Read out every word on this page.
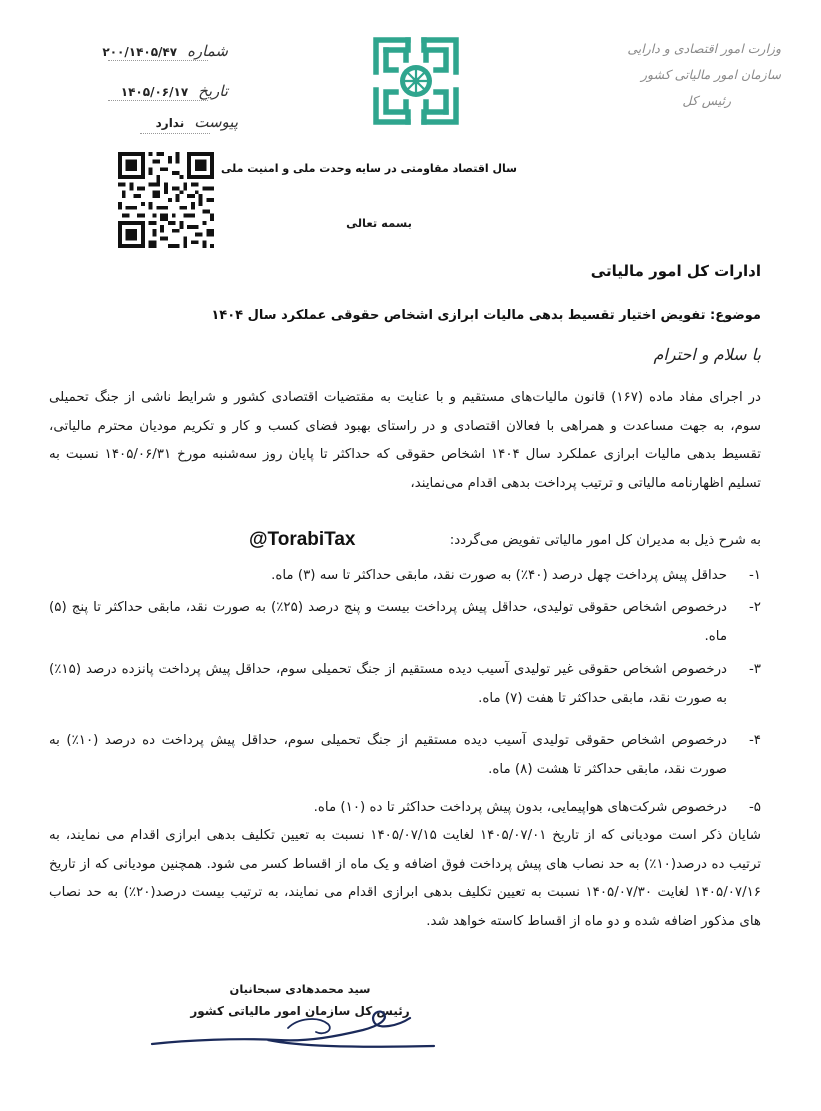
شماره
۲۰۰/۱۴۰۵/۴۷
تاریخ
۱۴۰۵/۰۶/۱۷
پیوست
ندارد
وزارت امور اقتصادی و دارایی
سازمان امور مالیاتی کشور
رئیس کل
سال اقتصاد مقاومتی در سایه وحدت ملی و امنیت ملی
بسمه تعالی
ادارات کل امور مالیاتی
موضوع: تفویض اختیار تقسیط بدهی مالیات ابرازی اشخاص حقوقی عملکرد سال ۱۴۰۴
با سلام و احترام
در اجرای مفاد ماده (۱۶۷) قانون مالیات‌های مستقیم و با عنایت به مقتضیات اقتصادی کشور و شرایط ناشی از جنگ تحمیلی سوم، به جهت مساعدت و همراهی با فعالان اقتصادی و در راستای بهبود فضای کسب و کار و تکریم مودیان محترم مالیاتی، تقسیط بدهی مالیات ابرازی عملکرد سال ۱۴۰۴ اشخاص حقوقی که حداکثر تا پایان روز سه‌شنبه مورخ ۱۴۰۵/۰۶/۳۱ نسبت به تسلیم اظهارنامه مالیاتی و ترتیب پرداخت بدهی اقدام می‌نمایند،
به شرح ذیل به مدیران کل امور مالیاتی تفویض می‌گردد:
@TorabiTax
۱-
حداقل پیش پرداخت چهل درصد (۴۰٪) به صورت نقد، مابقی حداکثر تا سه (۳) ماه.
۲-
درخصوص اشخاص حقوقی تولیدی، حداقل پیش پرداخت بیست و پنج درصد (۲۵٪) به صورت نقد، مابقی حداکثر تا پنج (۵) ماه.
۳-
درخصوص اشخاص حقوقی غیر تولیدی آسیب دیده مستقیم از جنگ تحمیلی سوم، حداقل پیش پرداخت پانزده درصد (۱۵٪) به صورت نقد، مابقی حداکثر تا هفت (۷) ماه.
۴-
درخصوص اشخاص حقوقی تولیدی آسیب دیده مستقیم از جنگ تحمیلی سوم، حداقل پیش پرداخت ده درصد (۱۰٪) به صورت نقد، مابقی حداکثر تا هشت (۸) ماه.
۵-
درخصوص شرکت‌های هواپیمایی، بدون پیش پرداخت حداکثر تا ده (۱۰) ماه.
شایان ذکر است مودیانی که از تاریخ ۱۴۰۵/۰۷/۰۱ لغایت ۱۴۰۵/۰۷/۱۵ نسبت به تعیین تکلیف بدهی ابرازی اقدام می نمایند، به ترتیب ده درصد(۱۰٪) به حد نصاب های پیش پرداخت فوق اضافه و یک ماه از اقساط کسر می شود. همچنین مودیانی که از تاریخ ۱۴۰۵/۰۷/۱۶ لغایت ۱۴۰۵/۰۷/۳۰ نسبت به تعیین تکلیف بدهی ابرازی اقدام می نمایند، به ترتیب بیست درصد(۲۰٪) به حد نصاب های مذکور اضافه شده و دو ماه از اقساط کاسته خواهد شد.
سید محمدهادی سبحانیان
رئیس کل سازمان امور مالیاتی کشور
